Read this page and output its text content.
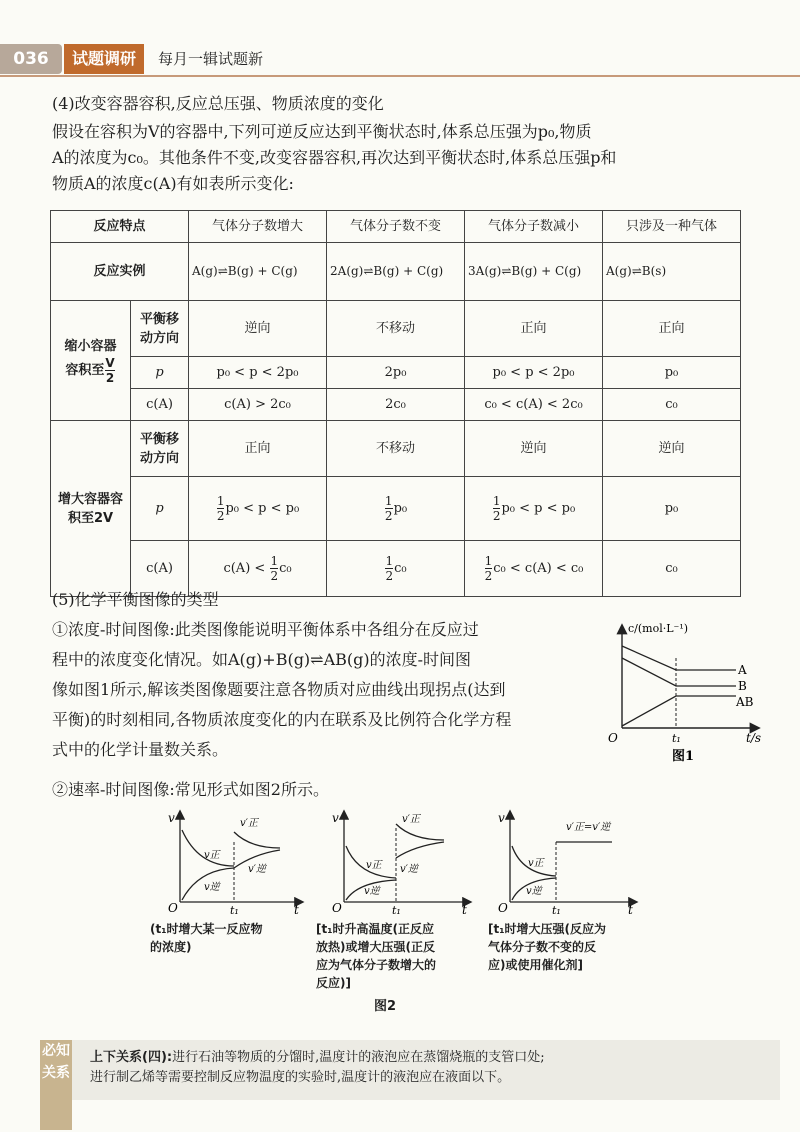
036	试题调研	每月一辑试题新

(4)改变容器容积,反应总压强、物质浓度的变化

假设在容积为V的容器中,下列可逆反应达到平衡状态时,体系总压强为p₀,物质

A的浓度为c₀。其他条件不变,改变容器容积,再次达到平衡状态时,体系总压强p和

物质A的浓度c(A)有如表所示变化:

反应特点		气体分子数增大	气体分子数不变	气体分子数减小	只涉及一种气体
反应实例		A(g)⇌B(g) + C(g)	2A(g)⇌B(g) + C(g)	3A(g)⇌B(g) + C(g)	A(g)⇌B(s)
缩小容器
容积至 $\frac{V}{2}$	平衡移动方向	逆向	不移动	正向	正向
	p	p₀ < p < 2p₀	2p₀	p₀ < p < 2p₀	p₀
	c(A)	c(A) > 2c₀	2c₀	c₀ < c(A) < 2c₀	c₀
增大容器容积至2V	平衡移动方向	正向	不移动	逆向	逆向
	p	$\frac{1}{2} p_0 < p < p_0$	$\frac{1}{2} p_0$	$\frac{1}{2} p_0 < p < p_0$	p₀
	c(A)	$c(A) < \frac{1}{2} c_0$	$\frac{1}{2} c_0$	$\frac{1}{2} c_0 < c(A) < c_0$	c₀

(5)化学平衡图像的类型

①浓度-时间图像:此类图像能说明平衡体系中各组分在反应过

程中的浓度变化情况。如A(g)+B(g)⇌AB(g)的浓度-时间图

像如图1所示,解该类图像题要注意各物质对应曲线出现拐点(达到

平衡)的时刻相同,各物质浓度变化的内在联系及比例符合化学方程

式中的化学计量数关系。

②速率-时间图像:常见形式如图2所示。

c/(mol·L⁻¹)
O	t/s
t₁
A
B
AB
图1
v
O	t
t₁
v正
v逆
v′正
v′逆
v
O	t
t₁
v正
v逆
v′正
v′逆
v
O	t
t₁
v正
v逆
v′正=v′逆
(t₁时增大某一反应物
的浓度)
[t₁时升高温度(正反应
放热)或增大压强(正反
应为气体分子数增大的
反应)]
[t₁时增大压强(反应为
气体分子数不变的反
应)或使用催化剂]
图2
必知关系
上下关系(四):进行石油等物质的分馏时,温度计的液泡应在蒸馏烧瓶的支管口处;
进行制乙烯等需要控制反应物温度的实验时,温度计的液泡应在液面以下。
